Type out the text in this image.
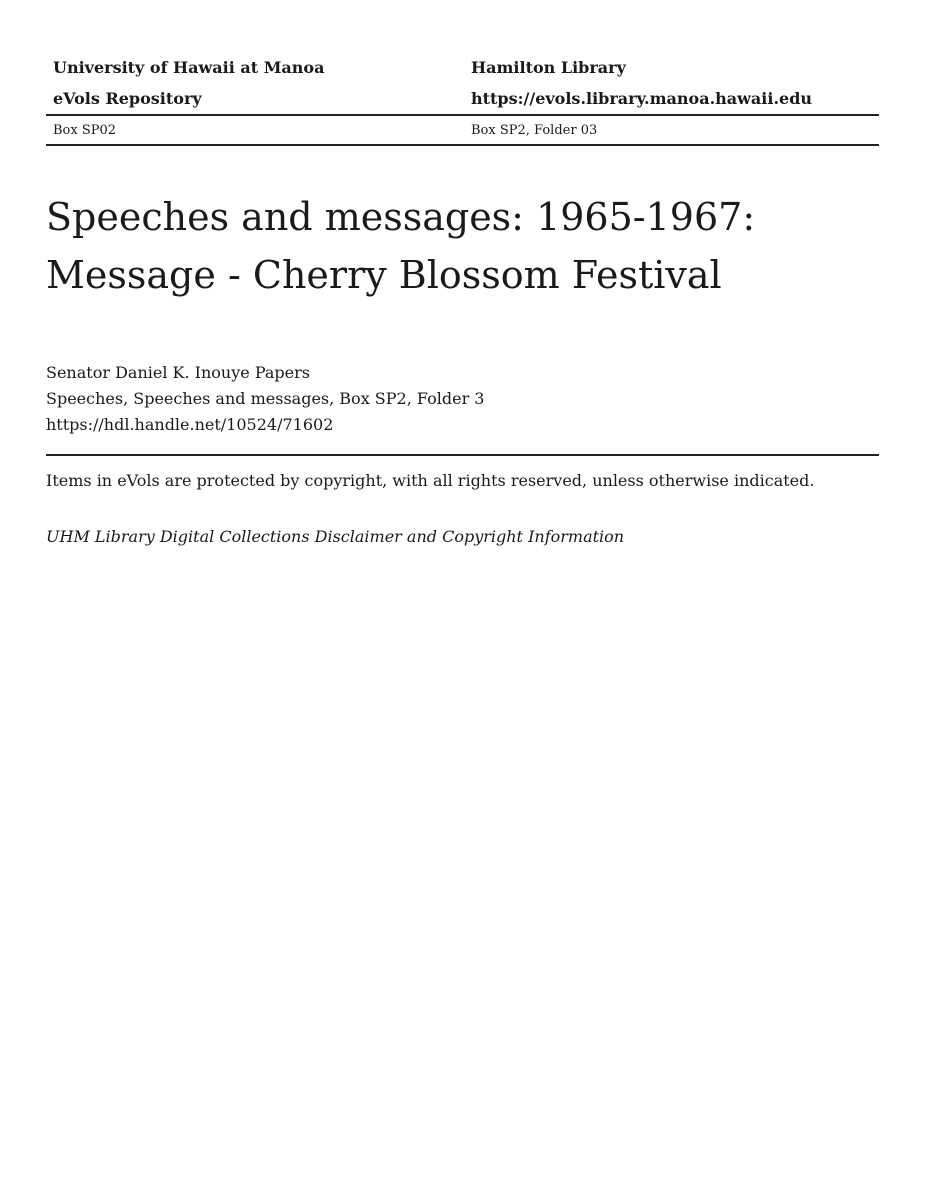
University of Hawaii at Manoa	Hamilton Library
eVols Repository	https://evols.library.manoa.hawaii.edu
Box SP02	Box SP2, Folder 03
Speeches and messages: 1965-1967:
Message - Cherry Blossom Festival
Senator Daniel K. Inouye Papers
Speeches, Speeches and messages, Box SP2, Folder 3
https://hdl.handle.net/10524/71602
Items in eVols are protected by copyright, with all rights reserved, unless otherwise indicated.
UHM Library Digital Collections Disclaimer and Copyright Information
